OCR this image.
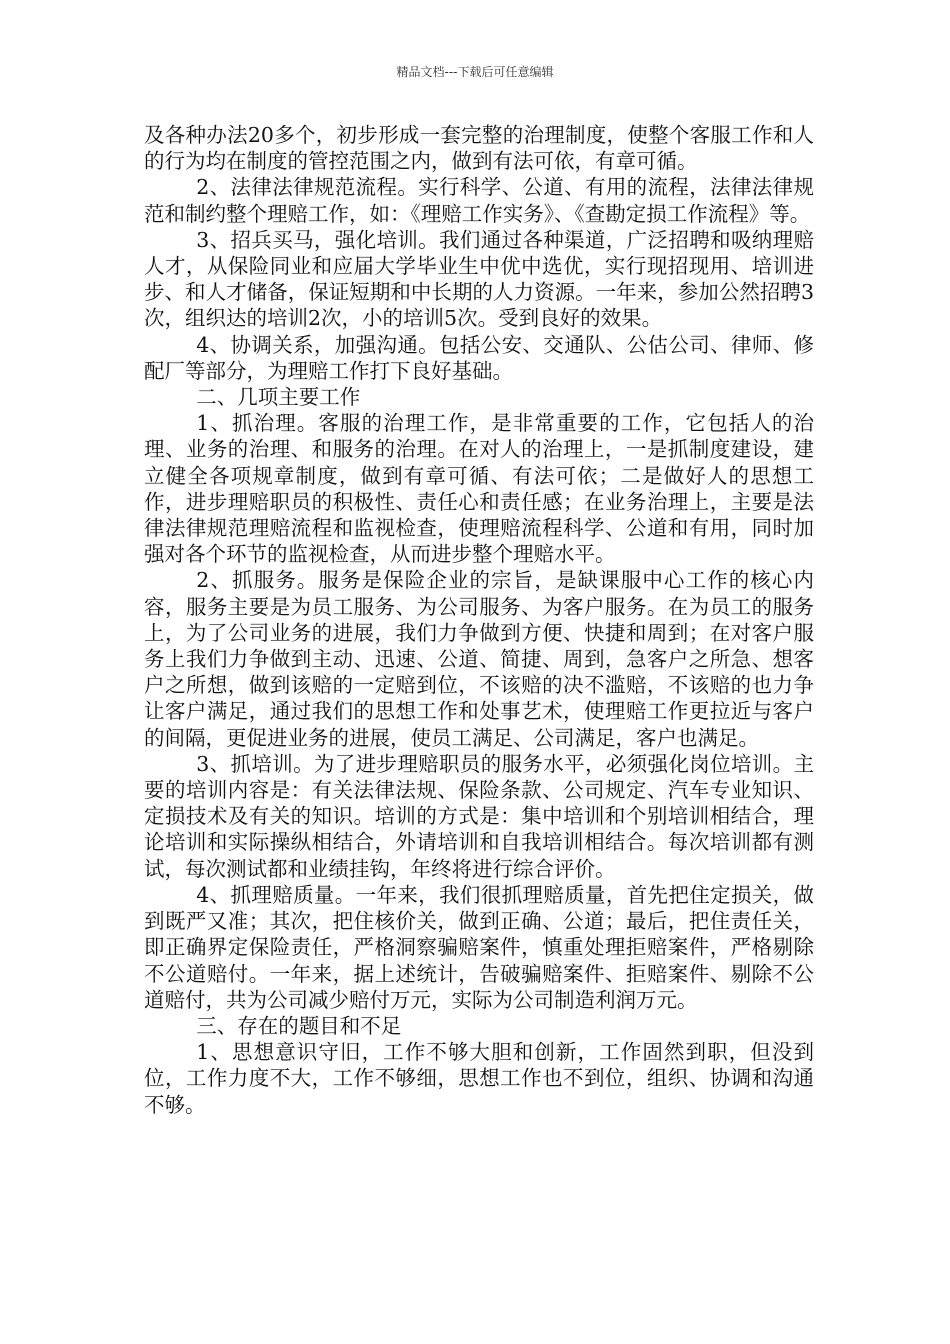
精品文档---下载后可任意编辑

及各种办法20多个，初步形成一套完整的治理制度，使整个客服工作和人的行为均在制度的管控范围之内，做到有法可依，有章可循。

2、法律法律规范流程。实行科学、公道、有用的流程，法律法律规范和制约整个理赔工作，如：《理赔工作实务》、《查勘定损工作流程》等。

3、招兵买马，强化培训。我们通过各种渠道，广泛招聘和吸纳理赔人才，从保险同业和应届大学毕业生中优中选优，实行现招现用、培训进步、和人才储备，保证短期和中长期的人力资源。一年来，参加公然招聘3次，组织达的培训2次，小的培训5次。受到良好的效果。

4、协调关系，加强沟通。包括公安、交通队、公估公司、律师、修配厂等部分，为理赔工作打下良好基础。

二、几项主要工作

1、抓治理。客服的治理工作，是非常重要的工作，它包括人的治理、业务的治理、和服务的治理。在对人的治理上，一是抓制度建设，建立健全各项规章制度，做到有章可循、有法可依；二是做好人的思想工作，进步理赔职员的积极性、责任心和责任感；在业务治理上，主要是法律法律规范理赔流程和监视检查，使理赔流程科学、公道和有用，同时加强对各个环节的监视检查，从而进步整个理赔水平。

2、抓服务。服务是保险企业的宗旨，是缺课服中心工作的核心内容，服务主要是为员工服务、为公司服务、为客户服务。在为员工的服务上，为了公司业务的进展，我们力争做到方便、快捷和周到；在对客户服务上我们力争做到主动、迅速、公道、简捷、周到，急客户之所急、想客户之所想，做到该赔的一定赔到位，不该赔的决不滥赔，不该赔的也力争让客户满足，通过我们的思想工作和处事艺术，使理赔工作更拉近与客户的间隔，更促进业务的进展，使员工满足、公司满足，客户也满足。

3、抓培训。为了进步理赔职员的服务水平，必须强化岗位培训。主要的培训内容是：有关法律法规、保险条款、公司规定、汽车专业知识、定损技术及有关的知识。培训的方式是：集中培训和个别培训相结合，理论培训和实际操纵相结合，外请培训和自我培训相结合。每次培训都有测试，每次测试都和业绩挂钩，年终将进行综合评价。

4、抓理赔质量。一年来，我们很抓理赔质量，首先把住定损关，做到既严又准；其次，把住核价关，做到正确、公道；最后，把住责任关，即正确界定保险责任，严格洞察骗赔案件，慎重处理拒赔案件，严格剔除不公道赔付。一年来，据上述统计，告破骗赔案件、拒赔案件、剔除不公道赔付，共为公司减少赔付万元，实际为公司制造利润万元。

三、存在的题目和不足

1、思想意识守旧，工作不够大胆和创新，工作固然到职，但没到位，工作力度不大，工作不够细，思想工作也不到位，组织、协调和沟通不够。
